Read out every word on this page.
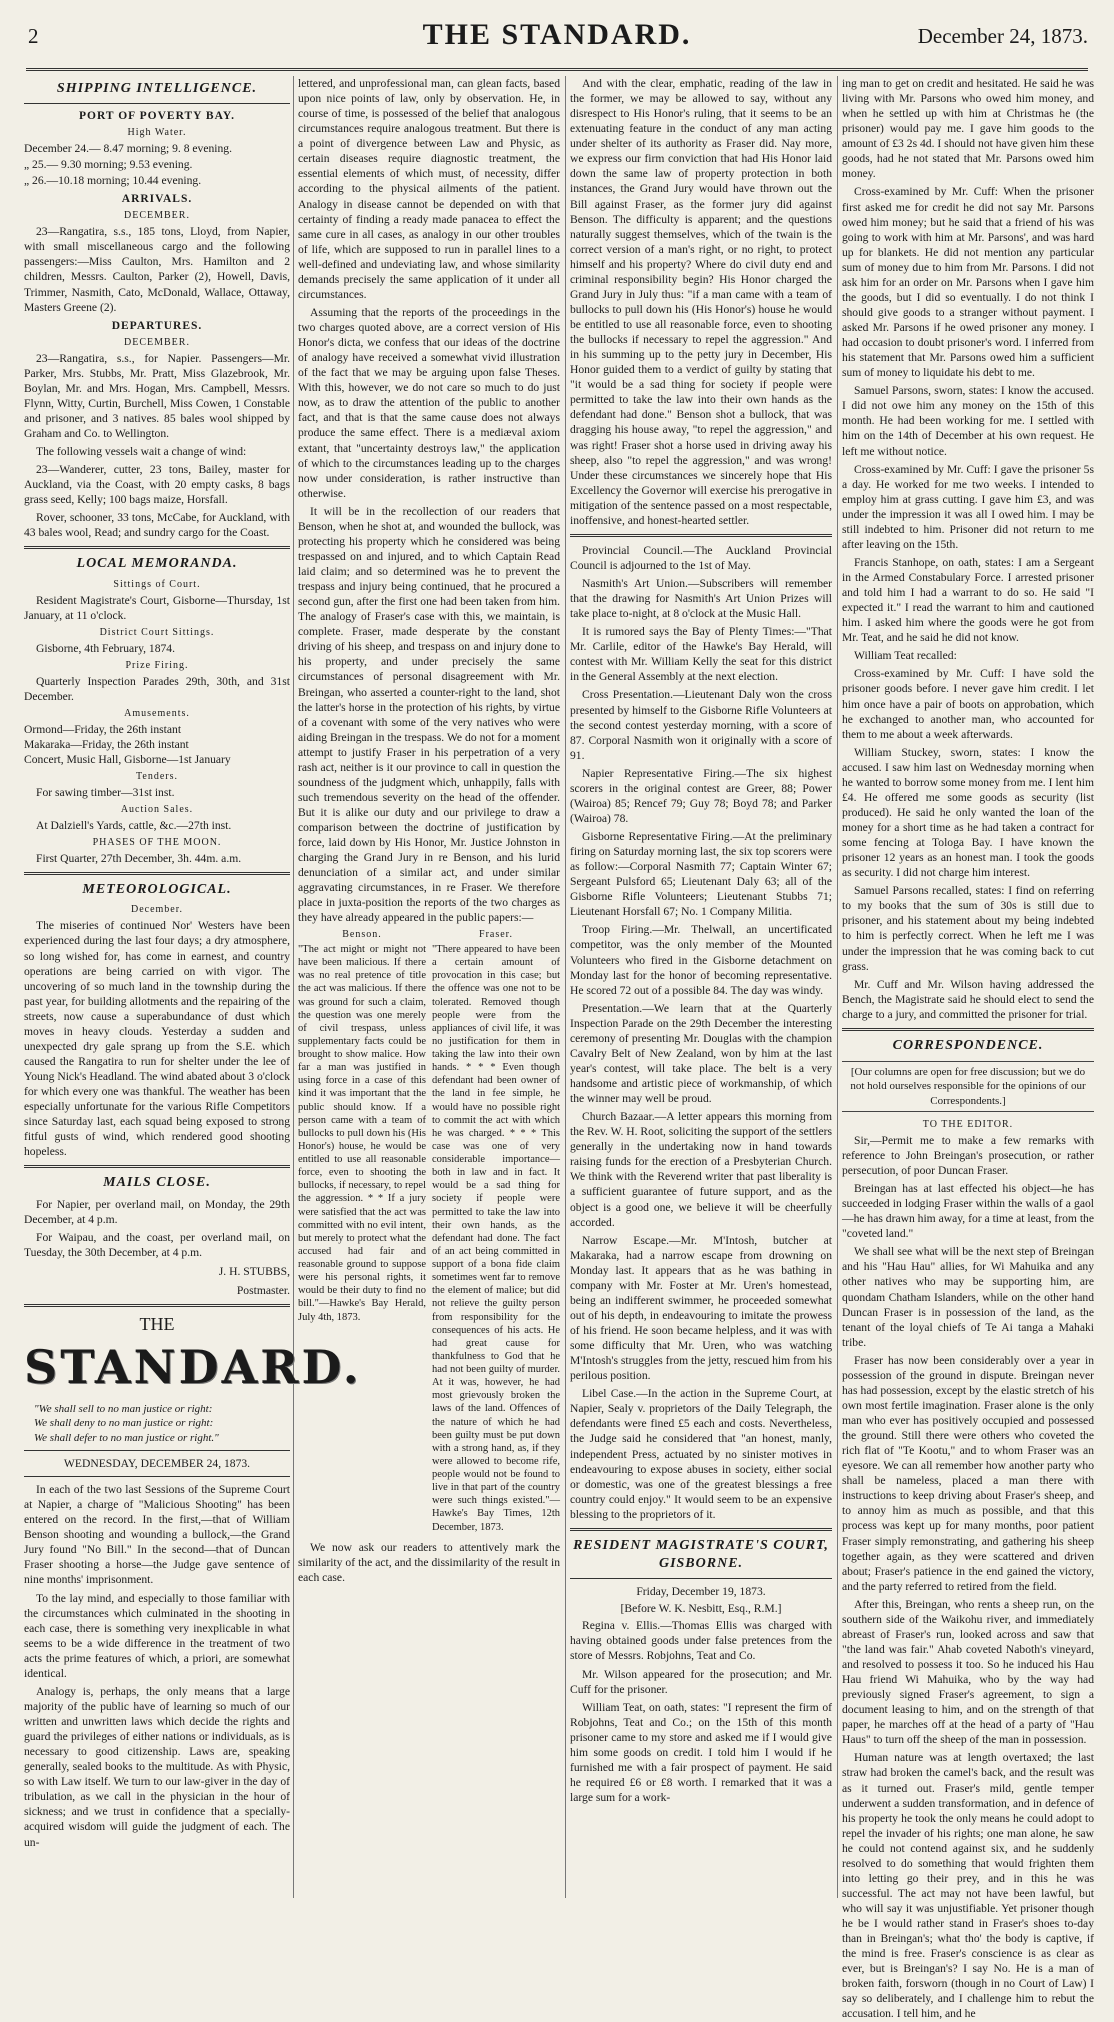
2	THE STANDARD.	December 24, 1873.
SHIPPING INTELLIGENCE.
PORT OF POVERTY BAY.
High Water.
December 24.— 8.47 morning; 9. 8 evening.
„ 25.— 9.30 morning; 9.53 evening.
„ 26.—10.18 morning; 10.44 evening.
ARRIVALS.
DECEMBER.

23—Rangatira, s.s., 185 tons, Lloyd, from Napier, with small miscellaneous cargo and the following passengers:—Miss Caulton, Mrs. Hamilton and 2 children, Messrs. Caulton, Parker (2), Howell, Davis, Trimmer, Nasmith, Cato, McDonald, Wallace, Ottaway, Masters Greene (2).

DEPARTURES.
DECEMBER.

23—Rangatira, s.s., for Napier. Passengers—Mr. Parker, Mrs. Stubbs, Mr. Pratt, Miss Glazebrook, Mr. Boylan, Mr. and Mrs. Hogan, Mrs. Campbell, Messrs. Flynn, Witty, Curtin, Burchell, Miss Cowen, 1 Constable and prisoner, and 3 natives. 85 bales wool shipped by Graham and Co. to Wellington.

The following vessels wait a change of wind:

23—Wanderer, cutter, 23 tons, Bailey, master for Auckland, via the Coast, with 20 empty casks, 8 bags grass seed, Kelly; 100 bags maize, Horsfall.

Rover, schooner, 33 tons, McCabe, for Auckland, with 43 bales wool, Read; and sundry cargo for the Coast.

LOCAL MEMORANDA.
Sittings of Court.

Resident Magistrate's Court, Gisborne—Thursday, 1st January, at 11 o'clock.

District Court Sittings.

Gisborne, 4th February, 1874.

Prize Firing.

Quarterly Inspection Parades 29th, 30th, and 31st December.

Amusements.

Ormond—Friday, the 26th instant
Makaraka—Friday, the 26th instant
Concert, Music Hall, Gisborne—1st January

Tenders.

For sawing timber—31st inst.

Auction Sales.

At Dalziell's Yards, cattle, &c.—27th inst.

PHASES OF THE MOON.

First Quarter, 27th December, 3h. 44m. a.m.

METEOROLOGICAL.
December.

The miseries of continued Nor' Westers have been experienced during the last four days; a dry atmosphere, so long wished for, has come in earnest, and country operations are being carried on with vigor. The uncovering of so much land in the township during the past year, for building allotments and the repairing of the streets, now cause a superabundance of dust which moves in heavy clouds. Yesterday a sudden and unexpected dry gale sprang up from the S.E. which caused the Rangatira to run for shelter under the lee of Young Nick's Headland. The wind abated about 3 o'clock for which every one was thankful. The weather has been especially unfortunate for the various Rifle Competitors since Saturday last, each squad being exposed to strong fitful gusts of wind, which rendered good shooting hopeless.

MAILS CLOSE.

For Napier, per overland mail, on Monday, the 29th December, at 4 p.m.

For Waipau, and the coast, per overland mail, on Tuesday, the 30th December, at 4 p.m.

J. H. STUBBS,
Postmaster.
THE
STANDARD.
"We shall sell to no man justice or right:
We shall deny to no man justice or right:
We shall defer to no man justice or right."
WEDNESDAY, DECEMBER 24, 1873.

In each of the two last Sessions of the Supreme Court at Napier, a charge of "Malicious Shooting" has been entered on the record. In the first,—that of William Benson shooting and wounding a bullock,—the Grand Jury found "No Bill." In the second—that of Duncan Fraser shooting a horse—the Judge gave sentence of nine months' imprisonment.

To the lay mind, and especially to those familiar with the circumstances which culminated in the shooting in each case, there is something very inexplicable in what seems to be a wide difference in the treatment of two acts the prime features of which, a priori, are somewhat identical.

Analogy is, perhaps, the only means that a large majority of the public have of learning so much of our written and unwritten laws which decide the rights and guard the privileges of either nations or individuals, as is necessary to good citizenship. Laws are, speaking generally, sealed books to the multitude. As with Physic, so with Law itself. We turn to our law-giver in the day of tribulation, as we call in the physician in the hour of sickness; and we trust in confidence that a specially-acquired wisdom will guide the judgment of each. The un-

lettered, and unprofessional man, can glean facts, based upon nice points of law, only by observation. He, in course of time, is possessed of the belief that analogous circumstances require analogous treatment. But there is a point of divergence between Law and Physic, as certain diseases require diagnostic treatment, the essential elements of which must, of necessity, differ according to the physical ailments of the patient. Analogy in disease cannot be depended on with that certainty of finding a ready made panacea to effect the same cure in all cases, as analogy in our other troubles of life, which are supposed to run in parallel lines to a well-defined and undeviating law, and whose similarity demands precisely the same application of it under all circumstances.

Assuming that the reports of the proceedings in the two charges quoted above, are a correct version of His Honor's dicta, we confess that our ideas of the doctrine of analogy have received a somewhat vivid illustration of the fact that we may be arguing upon false Theses. With this, however, we do not care so much to do just now, as to draw the attention of the public to another fact, and that is that the same cause does not always produce the same effect. There is a mediæval axiom extant, that "uncertainty destroys law," the application of which to the circumstances leading up to the charges now under consideration, is rather instructive than otherwise.

It will be in the recollection of our readers that Benson, when he shot at, and wounded the bullock, was protecting his property which he considered was being trespassed on and injured, and to which Captain Read laid claim; and so determined was he to prevent the trespass and injury being continued, that he procured a second gun, after the first one had been taken from him. The analogy of Fraser's case with this, we maintain, is complete. Fraser, made desperate by the constant driving of his sheep, and trespass on and injury done to his property, and under precisely the same circumstances of personal disagreement with Mr. Breingan, who asserted a counter-right to the land, shot the latter's horse in the protection of his rights, by virtue of a covenant with some of the very natives who were aiding Breingan in the trespass. We do not for a moment attempt to justify Fraser in his perpetration of a very rash act, neither is it our province to call in question the soundness of the judgment which, unhappily, falls with such tremendous severity on the head of the offender. But it is alike our duty and our privilege to draw a comparison between the doctrine of justification by force, laid down by His Honor, Mr. Justice Johnston in charging the Grand Jury in re Benson, and his lurid denunciation of a similar act, and under similar aggravating circumstances, in re Fraser. We therefore place in juxta-position the reports of the two charges as they have already appeared in the public papers:—

Benson.
"The act might or might not have been malicious. If there was no real pretence of title the act was malicious. If there was ground for such a claim, the question was one merely of civil trespass, unless supplementary facts could be brought to show malice. How far a man was justified in using force in a case of this kind it was important that the public should know. If a person came with a team of bullocks to pull down his (His Honor's) house, he would be entitled to use all reasonable force, even to shooting the bullocks, if necessary, to repel the aggression. * * If a jury were satisfied that the act was committed with no evil intent, but merely to protect what the accused had fair and reasonable ground to suppose were his personal rights, it would be their duty to find no bill."—Hawke's Bay Herald, July 4th, 1873.
Fraser.
"There appeared to have been a certain amount of provocation in this case; but the offence was one not to be tolerated. Removed though people were from the appliances of civil life, it was no justification for them in taking the law into their own hands. * * * Even though defendant had been owner of the land in fee simple, he would have no possible right to commit the act with which he was charged. * * * This case was one of very considerable importance—both in law and in fact. It would be a sad thing for society if people were permitted to take the law into their own hands, as the defendant had done. The fact of an act being committed in support of a bona fide claim sometimes went far to remove the element of malice; but did not relieve the guilty person from responsibility for the consequences of his acts. He had great cause for thankfulness to God that he had not been guilty of murder. At it was, however, he had most grievously broken the laws of the land. Offences of the nature of which he had been guilty must be put down with a strong hand, as, if they were allowed to become rife, people would not be found to live in that part of the country were such things existed."—Hawke's Bay Times, 12th December, 1873.

We now ask our readers to attentively mark the similarity of the act, and the dissimilarity of the result in each case.

And with the clear, emphatic, reading of the law in the former, we may be allowed to say, without any disrespect to His Honor's ruling, that it seems to be an extenuating feature in the conduct of any man acting under shelter of its authority as Fraser did. Nay more, we express our firm conviction that had His Honor laid down the same law of property protection in both instances, the Grand Jury would have thrown out the Bill against Fraser, as the former jury did against Benson. The difficulty is apparent; and the questions naturally suggest themselves, which of the twain is the correct version of a man's right, or no right, to protect himself and his property? Where do civil duty end and criminal responsibility begin? His Honor charged the Grand Jury in July thus: "if a man came with a team of bullocks to pull down his (His Honor's) house he would be entitled to use all reasonable force, even to shooting the bullocks if necessary to repel the aggression." And in his summing up to the petty jury in December, His Honor guided them to a verdict of guilty by stating that "it would be a sad thing for society if people were permitted to take the law into their own hands as the defendant had done." Benson shot a bullock, that was dragging his house away, "to repel the aggression," and was right! Fraser shot a horse used in driving away his sheep, also "to repel the aggression," and was wrong! Under these circumstances we sincerely hope that His Excellency the Governor will exercise his prerogative in mitigation of the sentence passed on a most respectable, inoffensive, and honest-hearted settler.

Provincial Council.—The Auckland Provincial Council is adjourned to the 1st of May.

Nasmith's Art Union.—Subscribers will remember that the drawing for Nasmith's Art Union Prizes will take place to-night, at 8 o'clock at the Music Hall.

It is rumored says the Bay of Plenty Times:—"That Mr. Carlile, editor of the Hawke's Bay Herald, will contest with Mr. William Kelly the seat for this district in the General Assembly at the next election.

Cross Presentation.—Lieutenant Daly won the cross presented by himself to the Gisborne Rifle Volunteers at the second contest yesterday morning, with a score of 87. Corporal Nasmith won it originally with a score of 91.

Napier Representative Firing.—The six highest scorers in the original contest are Greer, 88; Power (Wairoa) 85; Rencef 79; Guy 78; Boyd 78; and Parker (Wairoa) 78.

Gisborne Representative Firing.—At the preliminary firing on Saturday morning last, the six top scorers were as follow:—Corporal Nasmith 77; Captain Winter 67; Sergeant Pulsford 65; Lieutenant Daly 63; all of the Gisborne Rifle Volunteers; Lieutenant Stubbs 71; Lieutenant Horsfall 67; No. 1 Company Militia.

Troop Firing.—Mr. Thelwall, an uncertificated competitor, was the only member of the Mounted Volunteers who fired in the Gisborne detachment on Monday last for the honor of becoming representative. He scored 72 out of a possible 84. The day was windy.

Presentation.—We learn that at the Quarterly Inspection Parade on the 29th December the interesting ceremony of presenting Mr. Douglas with the champion Cavalry Belt of New Zealand, won by him at the last year's contest, will take place. The belt is a very handsome and artistic piece of workmanship, of which the winner may well be proud.

Church Bazaar.—A letter appears this morning from the Rev. W. H. Root, soliciting the support of the settlers generally in the undertaking now in hand towards raising funds for the erection of a Presbyterian Church. We think with the Reverend writer that past liberality is a sufficient guarantee of future support, and as the object is a good one, we believe it will be cheerfully accorded.

Narrow Escape.—Mr. M'Intosh, butcher at Makaraka, had a narrow escape from drowning on Monday last. It appears that as he was bathing in company with Mr. Foster at Mr. Uren's homestead, being an indifferent swimmer, he proceeded somewhat out of his depth, in endeavouring to imitate the prowess of his friend. He soon became helpless, and it was with some difficulty that Mr. Uren, who was watching M'Intosh's struggles from the jetty, rescued him from his perilous position.

Libel Case.—In the action in the Supreme Court, at Napier, Sealy v. proprietors of the Daily Telegraph, the defendants were fined £5 each and costs. Nevertheless, the Judge said he considered that "an honest, manly, independent Press, actuated by no sinister motives in endeavouring to expose abuses in society, either social or domestic, was one of the greatest blessings a free country could enjoy." It would seem to be an expensive blessing to the proprietors of it.

RESIDENT MAGISTRATE'S COURT, GISBORNE.
Friday, December 19, 1873.
[Before W. K. Nesbitt, Esq., R.M.]

Regina v. Ellis.—Thomas Ellis was charged with having obtained goods under false pretences from the store of Messrs. Robjohns, Teat and Co.

Mr. Wilson appeared for the prosecution; and Mr. Cuff for the prisoner.

William Teat, on oath, states: "I represent the firm of Robjohns, Teat and Co.; on the 15th of this month prisoner came to my store and asked me if I would give him some goods on credit. I told him I would if he furnished me with a fair prospect of payment. He said he required £6 or £8 worth. I remarked that it was a large sum for a work-

ing man to get on credit and hesitated. He said he was living with Mr. Parsons who owed him money, and when he settled up with him at Christmas he (the prisoner) would pay me. I gave him goods to the amount of £3 2s 4d. I should not have given him these goods, had he not stated that Mr. Parsons owed him money.

Cross-examined by Mr. Cuff: When the prisoner first asked me for credit he did not say Mr. Parsons owed him money; but he said that a friend of his was going to work with him at Mr. Parsons', and was hard up for blankets. He did not mention any particular sum of money due to him from Mr. Parsons. I did not ask him for an order on Mr. Parsons when I gave him the goods, but I did so eventually. I do not think I should give goods to a stranger without payment. I asked Mr. Parsons if he owed prisoner any money. I had occasion to doubt prisoner's word. I inferred from his statement that Mr. Parsons owed him a sufficient sum of money to liquidate his debt to me.

Samuel Parsons, sworn, states: I know the accused. I did not owe him any money on the 15th of this month. He had been working for me. I settled with him on the 14th of December at his own request. He left me without notice.

Cross-examined by Mr. Cuff: I gave the prisoner 5s a day. He worked for me two weeks. I intended to employ him at grass cutting. I gave him £3, and was under the impression it was all I owed him. I may be still indebted to him. Prisoner did not return to me after leaving on the 15th.

Francis Stanhope, on oath, states: I am a Sergeant in the Armed Constabulary Force. I arrested prisoner and told him I had a warrant to do so. He said "I expected it." I read the warrant to him and cautioned him. I asked him where the goods were he got from Mr. Teat, and he said he did not know.

William Teat recalled:

Cross-examined by Mr. Cuff: I have sold the prisoner goods before. I never gave him credit. I let him once have a pair of boots on approbation, which he exchanged to another man, who accounted for them to me about a week afterwards.

William Stuckey, sworn, states: I know the accused. I saw him last on Wednesday morning when he wanted to borrow some money from me. I lent him £4. He offered me some goods as security (list produced). He said he only wanted the loan of the money for a short time as he had taken a contract for some fencing at Tologa Bay. I have known the prisoner 12 years as an honest man. I took the goods as security. I did not charge him interest.

Samuel Parsons recalled, states: I find on referring to my books that the sum of 30s is still due to prisoner, and his statement about my being indebted to him is perfectly correct. When he left me I was under the impression that he was coming back to cut grass.

Mr. Cuff and Mr. Wilson having addressed the Bench, the Magistrate said he should elect to send the charge to a jury, and committed the prisoner for trial.

CORRESPONDENCE.
[Our columns are open for free discussion; but we do not hold ourselves responsible for the opinions of our Correspondents.]
TO THE EDITOR.

Sir,—Permit me to make a few remarks with reference to John Breingan's prosecution, or rather persecution, of poor Duncan Fraser.

Breingan has at last effected his object—he has succeeded in lodging Fraser within the walls of a gaol—he has drawn him away, for a time at least, from the "coveted land."

We shall see what will be the next step of Breingan and his "Hau Hau" allies, for Wi Mahuika and any other natives who may be supporting him, are quondam Chatham Islanders, while on the other hand Duncan Fraser is in possession of the land, as the tenant of the loyal chiefs of Te Ai tanga a Mahaki tribe.

Fraser has now been considerably over a year in possession of the ground in dispute. Breingan never has had possession, except by the elastic stretch of his own most fertile imagination. Fraser alone is the only man who ever has positively occupied and possessed the ground. Still there were others who coveted the rich flat of "Te Kootu," and to whom Fraser was an eyesore. We can all remember how another party who shall be nameless, placed a man there with instructions to keep driving about Fraser's sheep, and to annoy him as much as possible, and that this process was kept up for many months, poor patient Fraser simply remonstrating, and gathering his sheep together again, as they were scattered and driven about; Fraser's patience in the end gained the victory, and the party referred to retired from the field.

After this, Breingan, who rents a sheep run, on the southern side of the Waikohu river, and immediately abreast of Fraser's run, looked across and saw that "the land was fair." Ahab coveted Naboth's vineyard, and resolved to possess it too. So he induced his Hau Hau friend Wi Mahuika, who by the way had previously signed Fraser's agreement, to sign a document leasing to him, and on the strength of that paper, he marches off at the head of a party of "Hau Haus" to turn off the sheep of the man in possession.

Human nature was at length overtaxed; the last straw had broken the camel's back, and the result was as it turned out. Fraser's mild, gentle temper underwent a sudden transformation, and in defence of his property he took the only means he could adopt to repel the invader of his rights; one man alone, he saw he could not contend against six, and he suddenly resolved to do something that would frighten them into letting go their prey, and in this he was successful. The act may not have been lawful, but who will say it was unjustifiable. Yet prisoner though he be I would rather stand in Fraser's shoes to-day than in Breingan's; what tho' the body is captive, if the mind is free. Fraser's conscience is as clear as ever, but is Breingan's? I say No. He is a man of broken faith, forsworn (though in no Court of Law) I say so deliberately, and I challenge him to rebut the accusation. I tell him, and he
